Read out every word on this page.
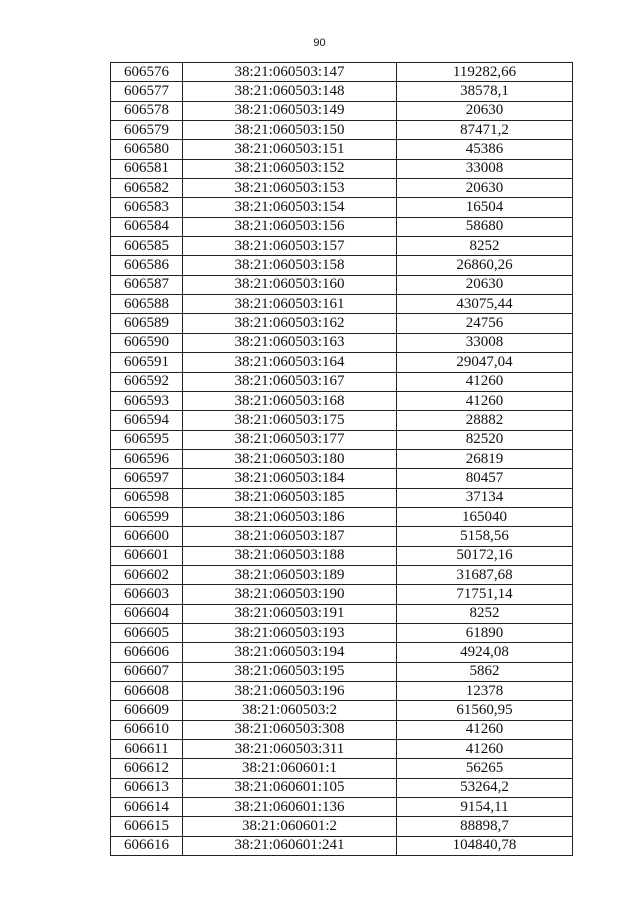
90
606576	38:21:060503:147	119282,66
606577	38:21:060503:148	38578,1
606578	38:21:060503:149	20630
606579	38:21:060503:150	87471,2
606580	38:21:060503:151	45386
606581	38:21:060503:152	33008
606582	38:21:060503:153	20630
606583	38:21:060503:154	16504
606584	38:21:060503:156	58680
606585	38:21:060503:157	8252
606586	38:21:060503:158	26860,26
606587	38:21:060503:160	20630
606588	38:21:060503:161	43075,44
606589	38:21:060503:162	24756
606590	38:21:060503:163	33008
606591	38:21:060503:164	29047,04
606592	38:21:060503:167	41260
606593	38:21:060503:168	41260
606594	38:21:060503:175	28882
606595	38:21:060503:177	82520
606596	38:21:060503:180	26819
606597	38:21:060503:184	80457
606598	38:21:060503:185	37134
606599	38:21:060503:186	165040
606600	38:21:060503:187	5158,56
606601	38:21:060503:188	50172,16
606602	38:21:060503:189	31687,68
606603	38:21:060503:190	71751,14
606604	38:21:060503:191	8252
606605	38:21:060503:193	61890
606606	38:21:060503:194	4924,08
606607	38:21:060503:195	5862
606608	38:21:060503:196	12378
606609	38:21:060503:2	61560,95
606610	38:21:060503:308	41260
606611	38:21:060503:311	41260
606612	38:21:060601:1	56265
606613	38:21:060601:105	53264,2
606614	38:21:060601:136	9154,11
606615	38:21:060601:2	88898,7
606616	38:21:060601:241	104840,78
